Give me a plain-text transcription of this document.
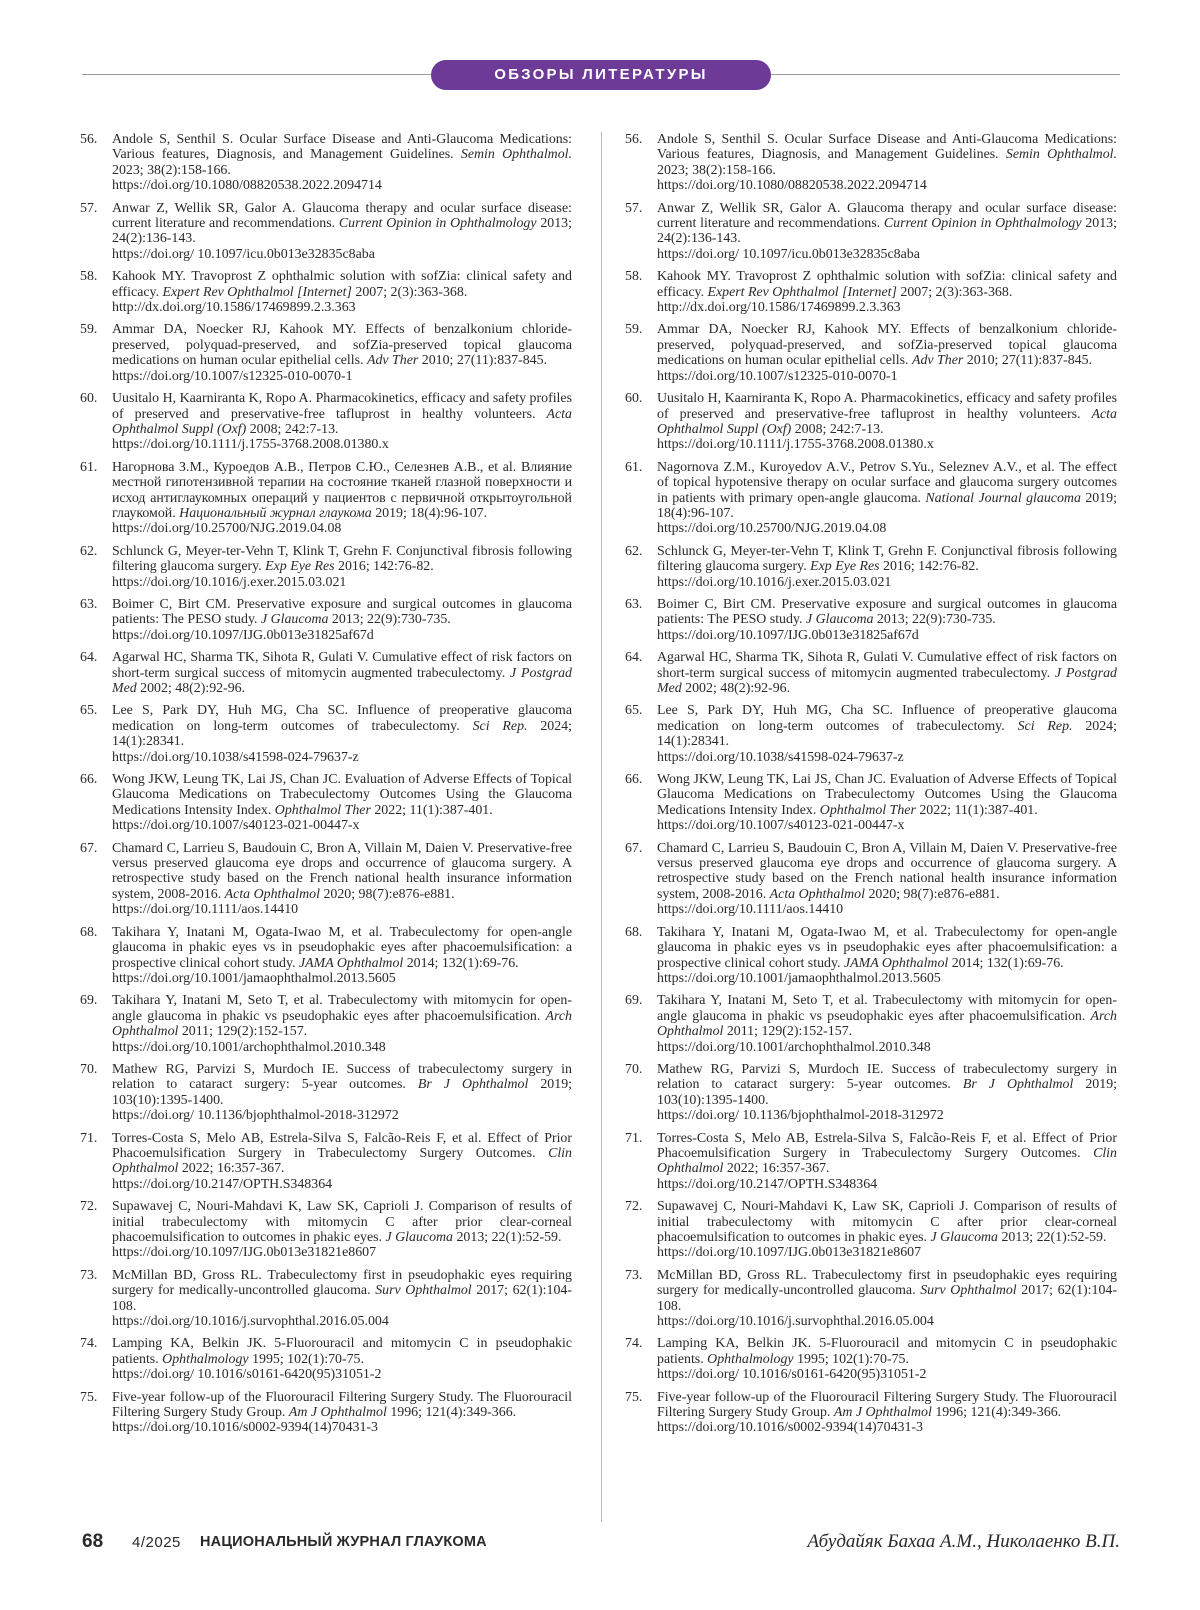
ОБЗОРЫ ЛИТЕРАТУРЫ
56.	Andole S, Senthil S. Ocular Surface Disease and Anti-Glaucoma Medications: Various features, Diagnosis, and Management Guidelines. Semin Ophthalmol. 2023; 38(2):158-166.
https://doi.org/10.1080/08820538.2022.2094714
57.	Anwar Z, Wellik SR, Galor A. Glaucoma therapy and ocular surface disease: current literature and recommendations. Current Opinion in Ophthalmology 2013; 24(2):136-143.
https://doi.org/ 10.1097/icu.0b013e32835c8aba
58.	Kahook MY. Travoprost Z ophthalmic solution with sofZia: clinical safety and efficacy. Expert Rev Ophthalmol [Internet] 2007; 2(3):363-368.
http://dx.doi.org/10.1586/17469899.2.3.363
59.	Ammar DA, Noecker RJ, Kahook MY. Effects of benzalkonium chloride-preserved, polyquad-preserved, and sofZia-preserved topical glaucoma medications on human ocular epithelial cells. Adv Ther 2010; 27(11):837-845.
https://doi.org/10.1007/s12325-010-0070-1
60.	Uusitalo H, Kaarniranta K, Ropo A. Pharmacokinetics, efficacy and safety profiles of preserved and preservative-free tafluprost in healthy volunteers. Acta Ophthalmol Suppl (Oxf) 2008; 242:7-13.
https://doi.org/10.1111/j.1755-3768.2008.01380.x
61.	Нагорнова З.М., Куроедов А.В., Петров С.Ю., Селезнев А.В., et al. Влияние местной гипотензивной терапии на состояние тканей глазной поверхности и исход антиглаукомных операций у пациентов с первичной открытоугольной глаукомой. Национальный журнал глаукома 2019; 18(4):96-107.
https://doi.org/10.25700/NJG.2019.04.08
62.	Schlunck G, Meyer-ter-Vehn T, Klink T, Grehn F. Conjunctival fibrosis following filtering glaucoma surgery. Exp Eye Res 2016; 142:76-82.
https://doi.org/10.1016/j.exer.2015.03.021
63.	Boimer C, Birt CM. Preservative exposure and surgical outcomes in glaucoma patients: The PESO study. J Glaucoma 2013; 22(9):730-735.
https://doi.org/10.1097/IJG.0b013e31825af67d
64.	Agarwal HC, Sharma TK, Sihota R, Gulati V. Cumulative effect of risk factors on short-term surgical success of mitomycin augmented trabeculectomy. J Postgrad Med 2002; 48(2):92-96.
65.	Lee S, Park DY, Huh MG, Cha SC. Influence of preoperative glaucoma medication on long-term outcomes of trabeculectomy. Sci Rep. 2024; 14(1):28341.
https://doi.org/10.1038/s41598-024-79637-z
66.	Wong JKW, Leung TK, Lai JS, Chan JC. Evaluation of Adverse Effects of Topical Glaucoma Medications on Trabeculectomy Outcomes Using the Glaucoma Medications Intensity Index. Ophthalmol Ther 2022; 11(1):387-401.
https://doi.org/10.1007/s40123-021-00447-x
67.	Chamard C, Larrieu S, Baudouin C, Bron A, Villain M, Daien V. Preservative-free versus preserved glaucoma eye drops and occurrence of glaucoma surgery. A retrospective study based on the French national health insurance information system, 2008-2016. Acta Ophthalmol 2020; 98(7):e876-e881.
https://doi.org/10.1111/aos.14410
68.	Takihara Y, Inatani M, Ogata-Iwao M, et al. Trabeculectomy for open-angle glaucoma in phakic eyes vs in pseudophakic eyes after phacoemulsification: a prospective clinical cohort study. JAMA Ophthalmol 2014; 132(1):69-76.
https://doi.org/10.1001/jamaophthalmol.2013.5605
69.	Takihara Y, Inatani M, Seto T, et al. Trabeculectomy with mitomycin for open-angle glaucoma in phakic vs pseudophakic eyes after phacoemulsification. Arch Ophthalmol 2011; 129(2):152-157.
https://doi.org/10.1001/archophthalmol.2010.348
70.	Mathew RG, Parvizi S, Murdoch IE. Success of trabeculectomy surgery in relation to cataract surgery: 5-year outcomes. Br J Ophthalmol 2019; 103(10):1395-1400.
https://doi.org/ 10.1136/bjophthalmol-2018-312972
71.	Torres-Costa S, Melo AB, Estrela-Silva S, Falcão-Reis F, et al. Effect of Prior Phacoemulsification Surgery in Trabeculectomy Surgery Outcomes. Clin Ophthalmol 2022; 16:357-367.
https://doi.org/10.2147/OPTH.S348364
72.	Supawavej C, Nouri-Mahdavi K, Law SK, Caprioli J. Comparison of results of initial trabeculectomy with mitomycin C after prior clear-corneal phacoemulsification to outcomes in phakic eyes. J Glaucoma 2013; 22(1):52-59.
https://doi.org/10.1097/IJG.0b013e31821e8607
73.	McMillan BD, Gross RL. Trabeculectomy first in pseudophakic eyes requiring surgery for medically-uncontrolled glaucoma. Surv Ophthalmol 2017; 62(1):104-108.
https://doi.org/10.1016/j.survophthal.2016.05.004
74.	Lamping KA, Belkin JK. 5-Fluorouracil and mitomycin C in pseudophakic patients. Ophthalmology 1995; 102(1):70-75.
https://doi.org/ 10.1016/s0161-6420(95)31051-2
75.	Five-year follow-up of the Fluorouracil Filtering Surgery Study. The Fluorouracil Filtering Surgery Study Group. Am J Ophthalmol 1996; 121(4):349-366.
https://doi.org/10.1016/s0002-9394(14)70431-3
56.	Andole S, Senthil S. Ocular Surface Disease and Anti-Glaucoma Medications: Various features, Diagnosis, and Management Guidelines. Semin Ophthalmol. 2023; 38(2):158-166.
https://doi.org/10.1080/08820538.2022.2094714
57.	Anwar Z, Wellik SR, Galor A. Glaucoma therapy and ocular surface disease: current literature and recommendations. Current Opinion in Ophthalmology 2013; 24(2):136-143.
https://doi.org/ 10.1097/icu.0b013e32835c8aba
58.	Kahook MY. Travoprost Z ophthalmic solution with sofZia: clinical safety and efficacy. Expert Rev Ophthalmol [Internet] 2007; 2(3):363-368.
http://dx.doi.org/10.1586/17469899.2.3.363
59.	Ammar DA, Noecker RJ, Kahook MY. Effects of benzalkonium chloride-preserved, polyquad-preserved, and sofZia-preserved topical glaucoma medications on human ocular epithelial cells. Adv Ther 2010; 27(11):837-845.
https://doi.org/10.1007/s12325-010-0070-1
60.	Uusitalo H, Kaarniranta K, Ropo A. Pharmacokinetics, efficacy and safety profiles of preserved and preservative-free tafluprost in healthy volunteers. Acta Ophthalmol Suppl (Oxf) 2008; 242:7-13.
https://doi.org/10.1111/j.1755-3768.2008.01380.x
61.	Nagornova Z.M., Kuroyedov A.V., Petrov S.Yu., Seleznev A.V., et al. The effect of topical hypotensive therapy on ocular surface and glaucoma surgery outcomes in patients with primary open-angle glaucoma. National Journal glaucoma 2019; 18(4):96-107.
https://doi.org/10.25700/NJG.2019.04.08
62.	Schlunck G, Meyer-ter-Vehn T, Klink T, Grehn F. Conjunctival fibrosis following filtering glaucoma surgery. Exp Eye Res 2016; 142:76-82.
https://doi.org/10.1016/j.exer.2015.03.021
63.	Boimer C, Birt CM. Preservative exposure and surgical outcomes in glaucoma patients: The PESO study. J Glaucoma 2013; 22(9):730-735.
https://doi.org/10.1097/IJG.0b013e31825af67d
64.	Agarwal HC, Sharma TK, Sihota R, Gulati V. Cumulative effect of risk factors on short-term surgical success of mitomycin augmented trabeculectomy. J Postgrad Med 2002; 48(2):92-96.
65.	Lee S, Park DY, Huh MG, Cha SC. Influence of preoperative glaucoma medication on long-term outcomes of trabeculectomy. Sci Rep. 2024; 14(1):28341.
https://doi.org/10.1038/s41598-024-79637-z
66.	Wong JKW, Leung TK, Lai JS, Chan JC. Evaluation of Adverse Effects of Topical Glaucoma Medications on Trabeculectomy Outcomes Using the Glaucoma Medications Intensity Index. Ophthalmol Ther 2022; 11(1):387-401.
https://doi.org/10.1007/s40123-021-00447-x
67.	Chamard C, Larrieu S, Baudouin C, Bron A, Villain M, Daien V. Preservative-free versus preserved glaucoma eye drops and occurrence of glaucoma surgery. A retrospective study based on the French national health insurance information system, 2008-2016. Acta Ophthalmol 2020; 98(7):e876-e881.
https://doi.org/10.1111/aos.14410
68.	Takihara Y, Inatani M, Ogata-Iwao M, et al. Trabeculectomy for open-angle glaucoma in phakic eyes vs in pseudophakic eyes after phacoemulsification: a prospective clinical cohort study. JAMA Ophthalmol 2014; 132(1):69-76.
https://doi.org/10.1001/jamaophthalmol.2013.5605
69.	Takihara Y, Inatani M, Seto T, et al. Trabeculectomy with mitomycin for open-angle glaucoma in phakic vs pseudophakic eyes after phacoemulsification. Arch Ophthalmol 2011; 129(2):152-157.
https://doi.org/10.1001/archophthalmol.2010.348
70.	Mathew RG, Parvizi S, Murdoch IE. Success of trabeculectomy surgery in relation to cataract surgery: 5-year outcomes. Br J Ophthalmol 2019; 103(10):1395-1400.
https://doi.org/ 10.1136/bjophthalmol-2018-312972
71.	Torres-Costa S, Melo AB, Estrela-Silva S, Falcão-Reis F, et al. Effect of Prior Phacoemulsification Surgery in Trabeculectomy Surgery Outcomes. Clin Ophthalmol 2022; 16:357-367.
https://doi.org/10.2147/OPTH.S348364
72.	Supawavej C, Nouri-Mahdavi K, Law SK, Caprioli J. Comparison of results of initial trabeculectomy with mitomycin C after prior clear-corneal phacoemulsification to outcomes in phakic eyes. J Glaucoma 2013; 22(1):52-59.
https://doi.org/10.1097/IJG.0b013e31821e8607
73.	McMillan BD, Gross RL. Trabeculectomy first in pseudophakic eyes requiring surgery for medically-uncontrolled glaucoma. Surv Ophthalmol 2017; 62(1):104-108.
https://doi.org/10.1016/j.survophthal.2016.05.004
74.	Lamping KA, Belkin JK. 5-Fluorouracil and mitomycin C in pseudophakic patients. Ophthalmology 1995; 102(1):70-75.
https://doi.org/ 10.1016/s0161-6420(95)31051-2
75.	Five-year follow-up of the Fluorouracil Filtering Surgery Study. The Fluorouracil Filtering Surgery Study Group. Am J Ophthalmol 1996; 121(4):349-366.
https://doi.org/10.1016/s0002-9394(14)70431-3
68 4/2025 НАЦИОНАЛЬНЫЙ ЖУРНАЛ ГЛАУКОМА	Абудайяк Бахаа А.М., Николаенко В.П.
